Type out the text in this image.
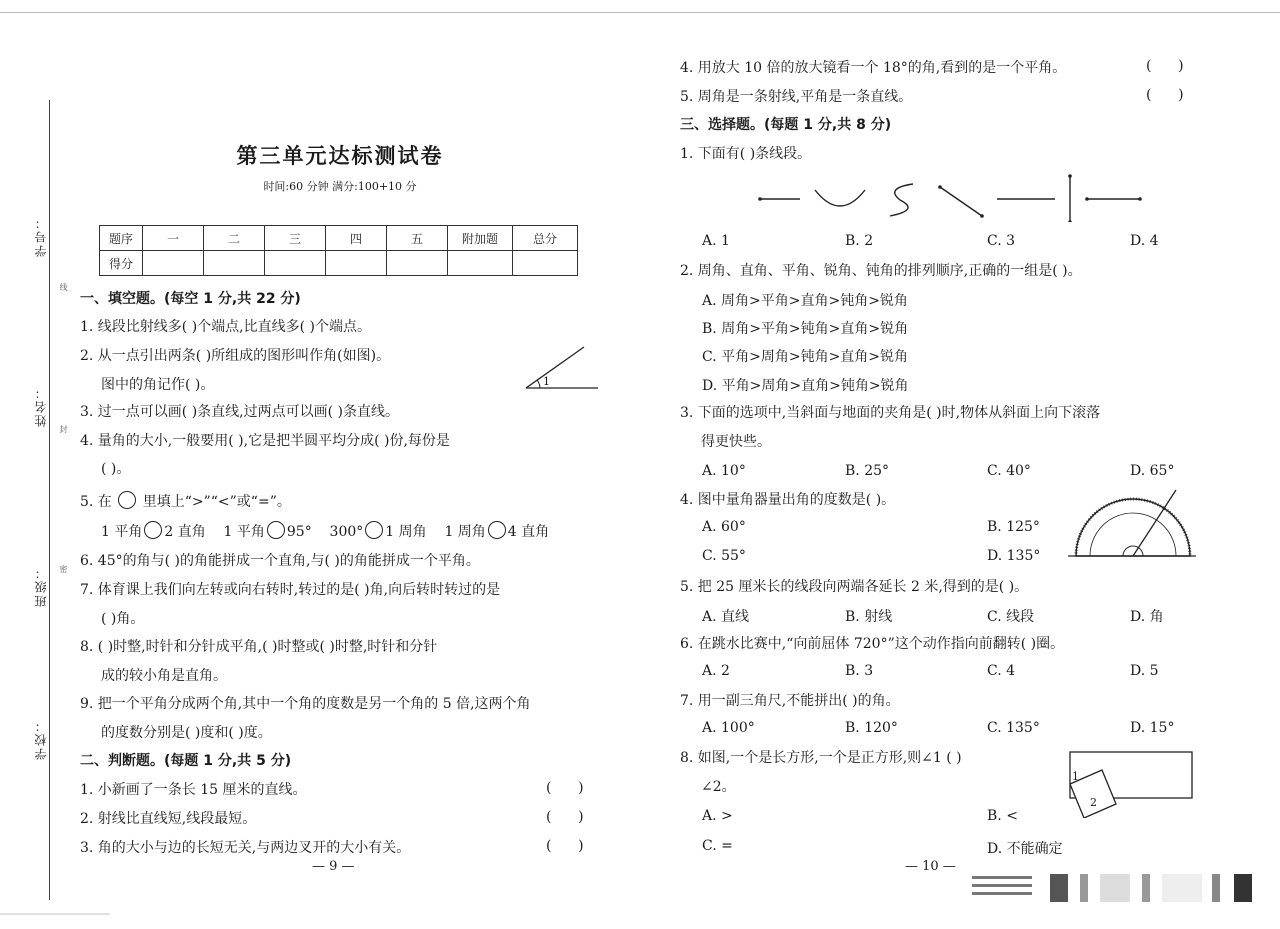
学号：
姓名：
班级：
学校：
线
封
密
第三单元达标测试卷
时间:60 分钟 满分:100+10 分
题序	一	二	三	四	五	附加题	总分
得分							
一、填空题。(每空 1 分,共 22 分)
1. 线段比射线多( )个端点,比直线多( )个端点。
2. 从一点引出两条( )所组成的图形叫作角(如图)。
图中的角记作( )。	1
3. 过一点可以画( )条直线,过两点可以画( )条直线。
4. 量角的大小,一般要用( ),它是把半圆平均分成( )份,每份是
( )。
5. 在 里填上“>”“<”或“=”。
1 平角 2 直角 1 平角 95° 300° 1 周角 1 周角 4 直角
6. 45°的角与( )的角能拼成一个直角,与( )的角能拼成一个平角。
7. 体育课上我们向左转或向右转时,转过的是( )角,向后转时转过的是
( )角。
8. ( )时整,时针和分针成平角,( )时整或( )时整,时针和分针
成的较小角是直角。
9. 把一个平角分成两个角,其中一个角的度数是另一个角的 5 倍,这两个角
的度数分别是( )度和( )度。
二、判断题。(每题 1 分,共 5 分)
1. 小新画了一条长 15 厘米的直线。	(      )
2. 射线比直线短,线段最短。	(      )
3. 角的大小与边的长短无关,与两边叉开的大小有关。	(      )
— 9 —
4. 用放大 10 倍的放大镜看一个 18°的角,看到的是一个平角。	(      )
5. 周角是一条射线,平角是一条直线。	(      )
三、选择题。(每题 1 分,共 8 分)
1. 下面有( )条线段。
A. 1	B. 2	C. 3	D. 4
2. 周角、直角、平角、锐角、钝角的排列顺序,正确的一组是( )。
A. 周角>平角>直角>钝角>锐角
B. 周角>平角>钝角>直角>锐角
C. 平角>周角>钝角>直角>锐角
D. 平角>周角>直角>钝角>锐角
3. 下面的选项中,当斜面与地面的夹角是( )时,物体从斜面上向下滚落
得更快些。
A. 10°	B. 25°	C. 40°	D. 65°
4. 图中量角器量出角的度数是( )。
A. 60°	B. 125°
C. 55°	D. 135°
5. 把 25 厘米长的线段向两端各延长 2 米,得到的是( )。
A. 直线	B. 射线	C. 线段	D. 角
6. 在跳水比赛中,“向前屈体 720°”这个动作指向前翻转( )圈。
A. 2	B. 3	C. 4	D. 5
7. 用一副三角尺,不能拼出( )的角。
A. 100°	B. 120°	C. 135°	D. 15°
8. 如图,一个是长方形,一个是正方形,则∠1 ( )
∠2。
1
2
A. >	B. <
C. =	D. 不能确定
— 10 —
